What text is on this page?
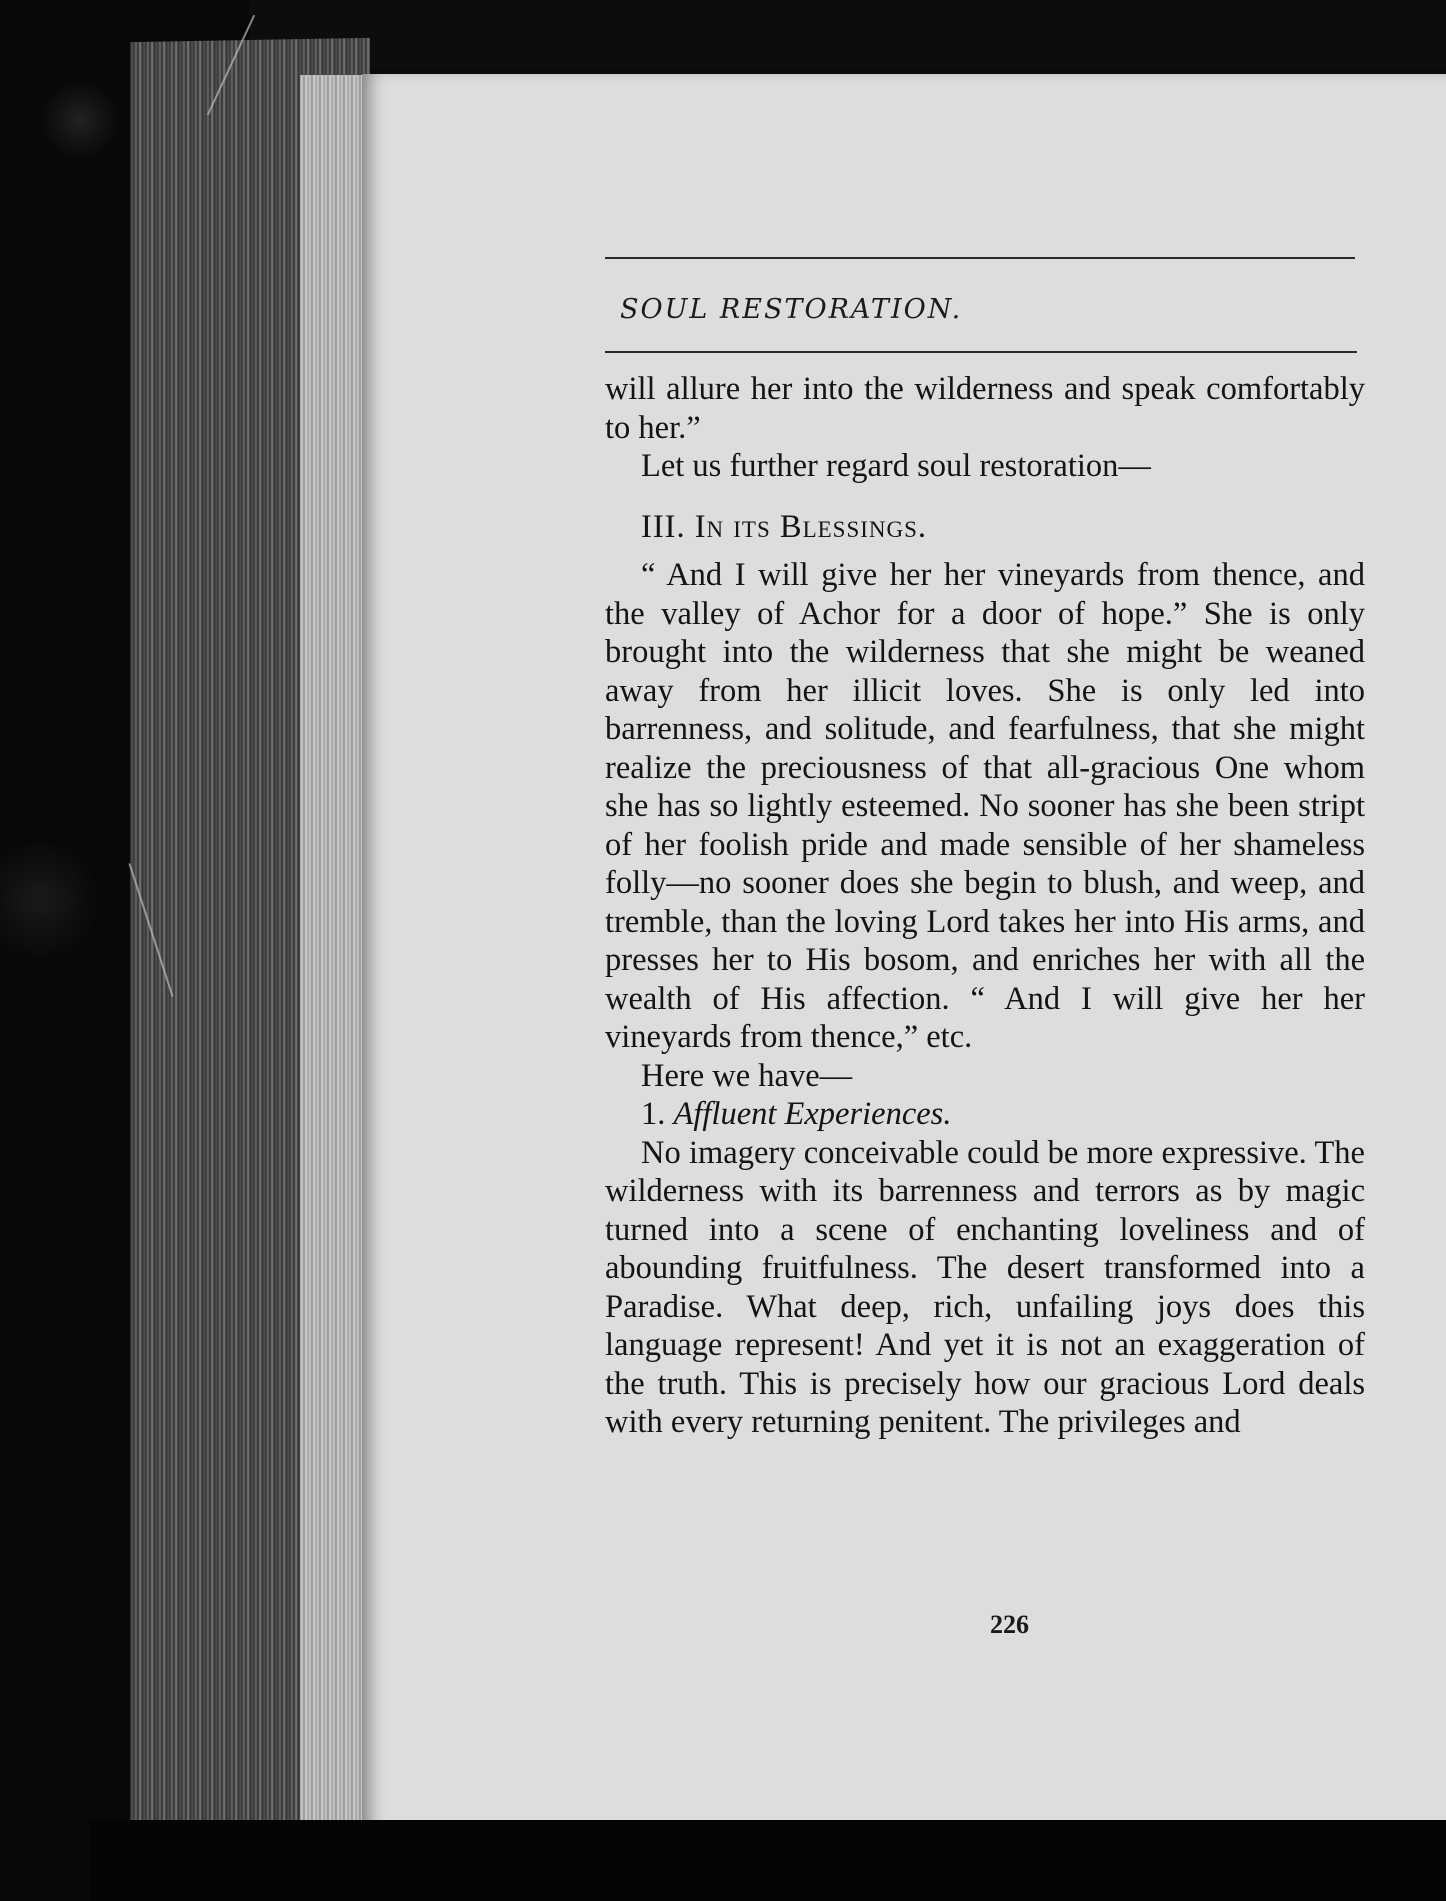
SOUL RESTORATION.

will allure her into the wilderness and speak comfortably to her.”

Let us further regard soul restoration—

III. In its Blessings.

“ And I will give her her vineyards from thence, and the valley of Achor for a door of hope.” She is only brought into the wilderness that she might be weaned away from her illicit loves. She is only led into barrenness, and solitude, and fearfulness, that she might realize the preciousness of that all-gracious One whom she has so lightly esteemed. No sooner has she been stript of her foolish pride and made sensible of her shameless folly—no sooner does she begin to blush, and weep, and tremble, than the loving Lord takes her into His arms, and presses her to His bosom, and enriches her with all the wealth of His affection. “ And I will give her her vineyards from thence,” etc.

Here we have—

1. Affluent Experiences.

No imagery conceivable could be more expressive. The wilderness with its barrenness and terrors as by magic turned into a scene of enchanting loveliness and of abounding fruitfulness. The desert transformed into a Paradise. What deep, rich, unfailing joys does this language represent! And yet it is not an exaggeration of the truth. This is precisely how our gracious Lord deals with every returning penitent. The privileges and

226
